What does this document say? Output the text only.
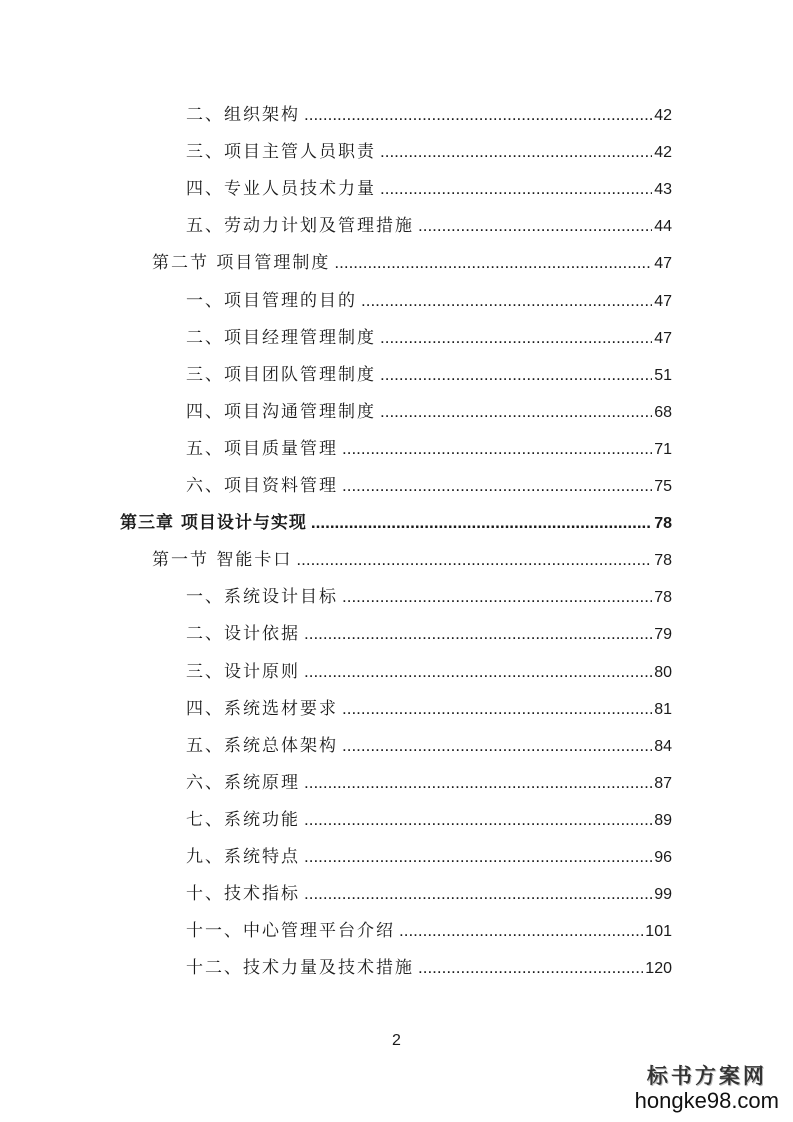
二、组织架构 .....	42
三、项目主管人员职责 .....	42
四、专业人员技术力量 .....	43
五、劳动力计划及管理措施 .....	44
第二节 项目管理制度 .....	47
一、项目管理的目的 .....	47
二、项目经理管理制度 .....	47
三、项目团队管理制度 .....	51
四、项目沟通管理制度 .....	68
五、项目质量管理 .....	71
六、项目资料管理 .....	75
第三章 项目设计与实现 .....	78
第一节 智能卡口 .....	78
一、系统设计目标 .....	78
二、设计依据 .....	79
三、设计原则 .....	80
四、系统选材要求 .....	81
五、系统总体架构 .....	84
六、系统原理 .....	87
七、系统功能 .....	89
九、系统特点 .....	96
十、技术指标 .....	99
十一、中心管理平台介绍 .....	101
十二、技术力量及技术措施 .....	120
2
标书方案网
hongke98.com
